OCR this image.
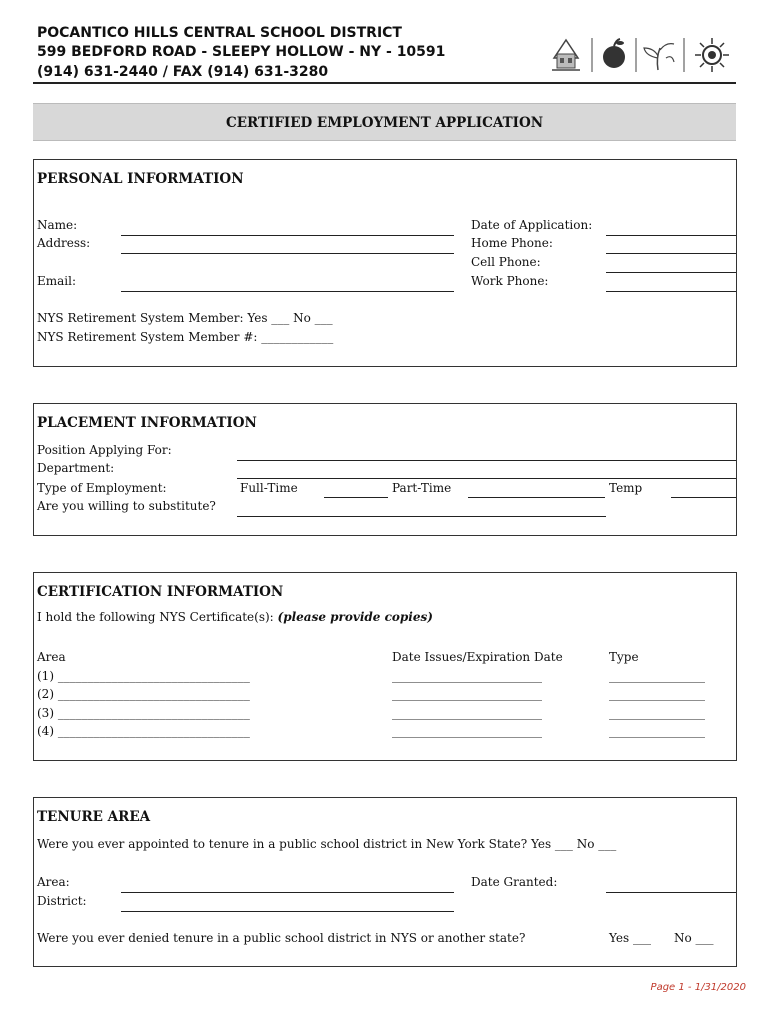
POCANTICO HILLS CENTRAL SCHOOL DISTRICT
599 BEDFORD ROAD - SLEEPY HOLLOW - NY - 10591
(914) 631-2440 / FAX (914) 631-3280
CERTIFIED EMPLOYMENT APPLICATION
PERSONAL INFORMATION
Name:
Address:
Email:
Date of Application:
Home Phone:
Cell Phone:
Work Phone:
NYS Retirement System Member: Yes ___ No ___
NYS Retirement System Member #: ____________
PLACEMENT INFORMATION
Position Applying For:
Department:
Type of Employment:	Full-Time	Part-Time	Temp
Are you willing to substitute?
CERTIFICATION INFORMATION
I hold the following NYS Certificate(s): (please provide copies)
Area	Date Issues/Expiration Date	Type
(1) ________________________________	_________________________	________________
(2) ________________________________	_________________________	________________
(3) ________________________________	_________________________	________________
(4) ________________________________	_________________________	________________
TENURE AREA
Were you ever appointed to tenure in a public school district in New York State? Yes ___ No ___
Area:
District:
Date Granted:
Were you ever denied tenure in a public school district in NYS or another state?	Yes ___ No ___
Page 1 - 1/31/2020
